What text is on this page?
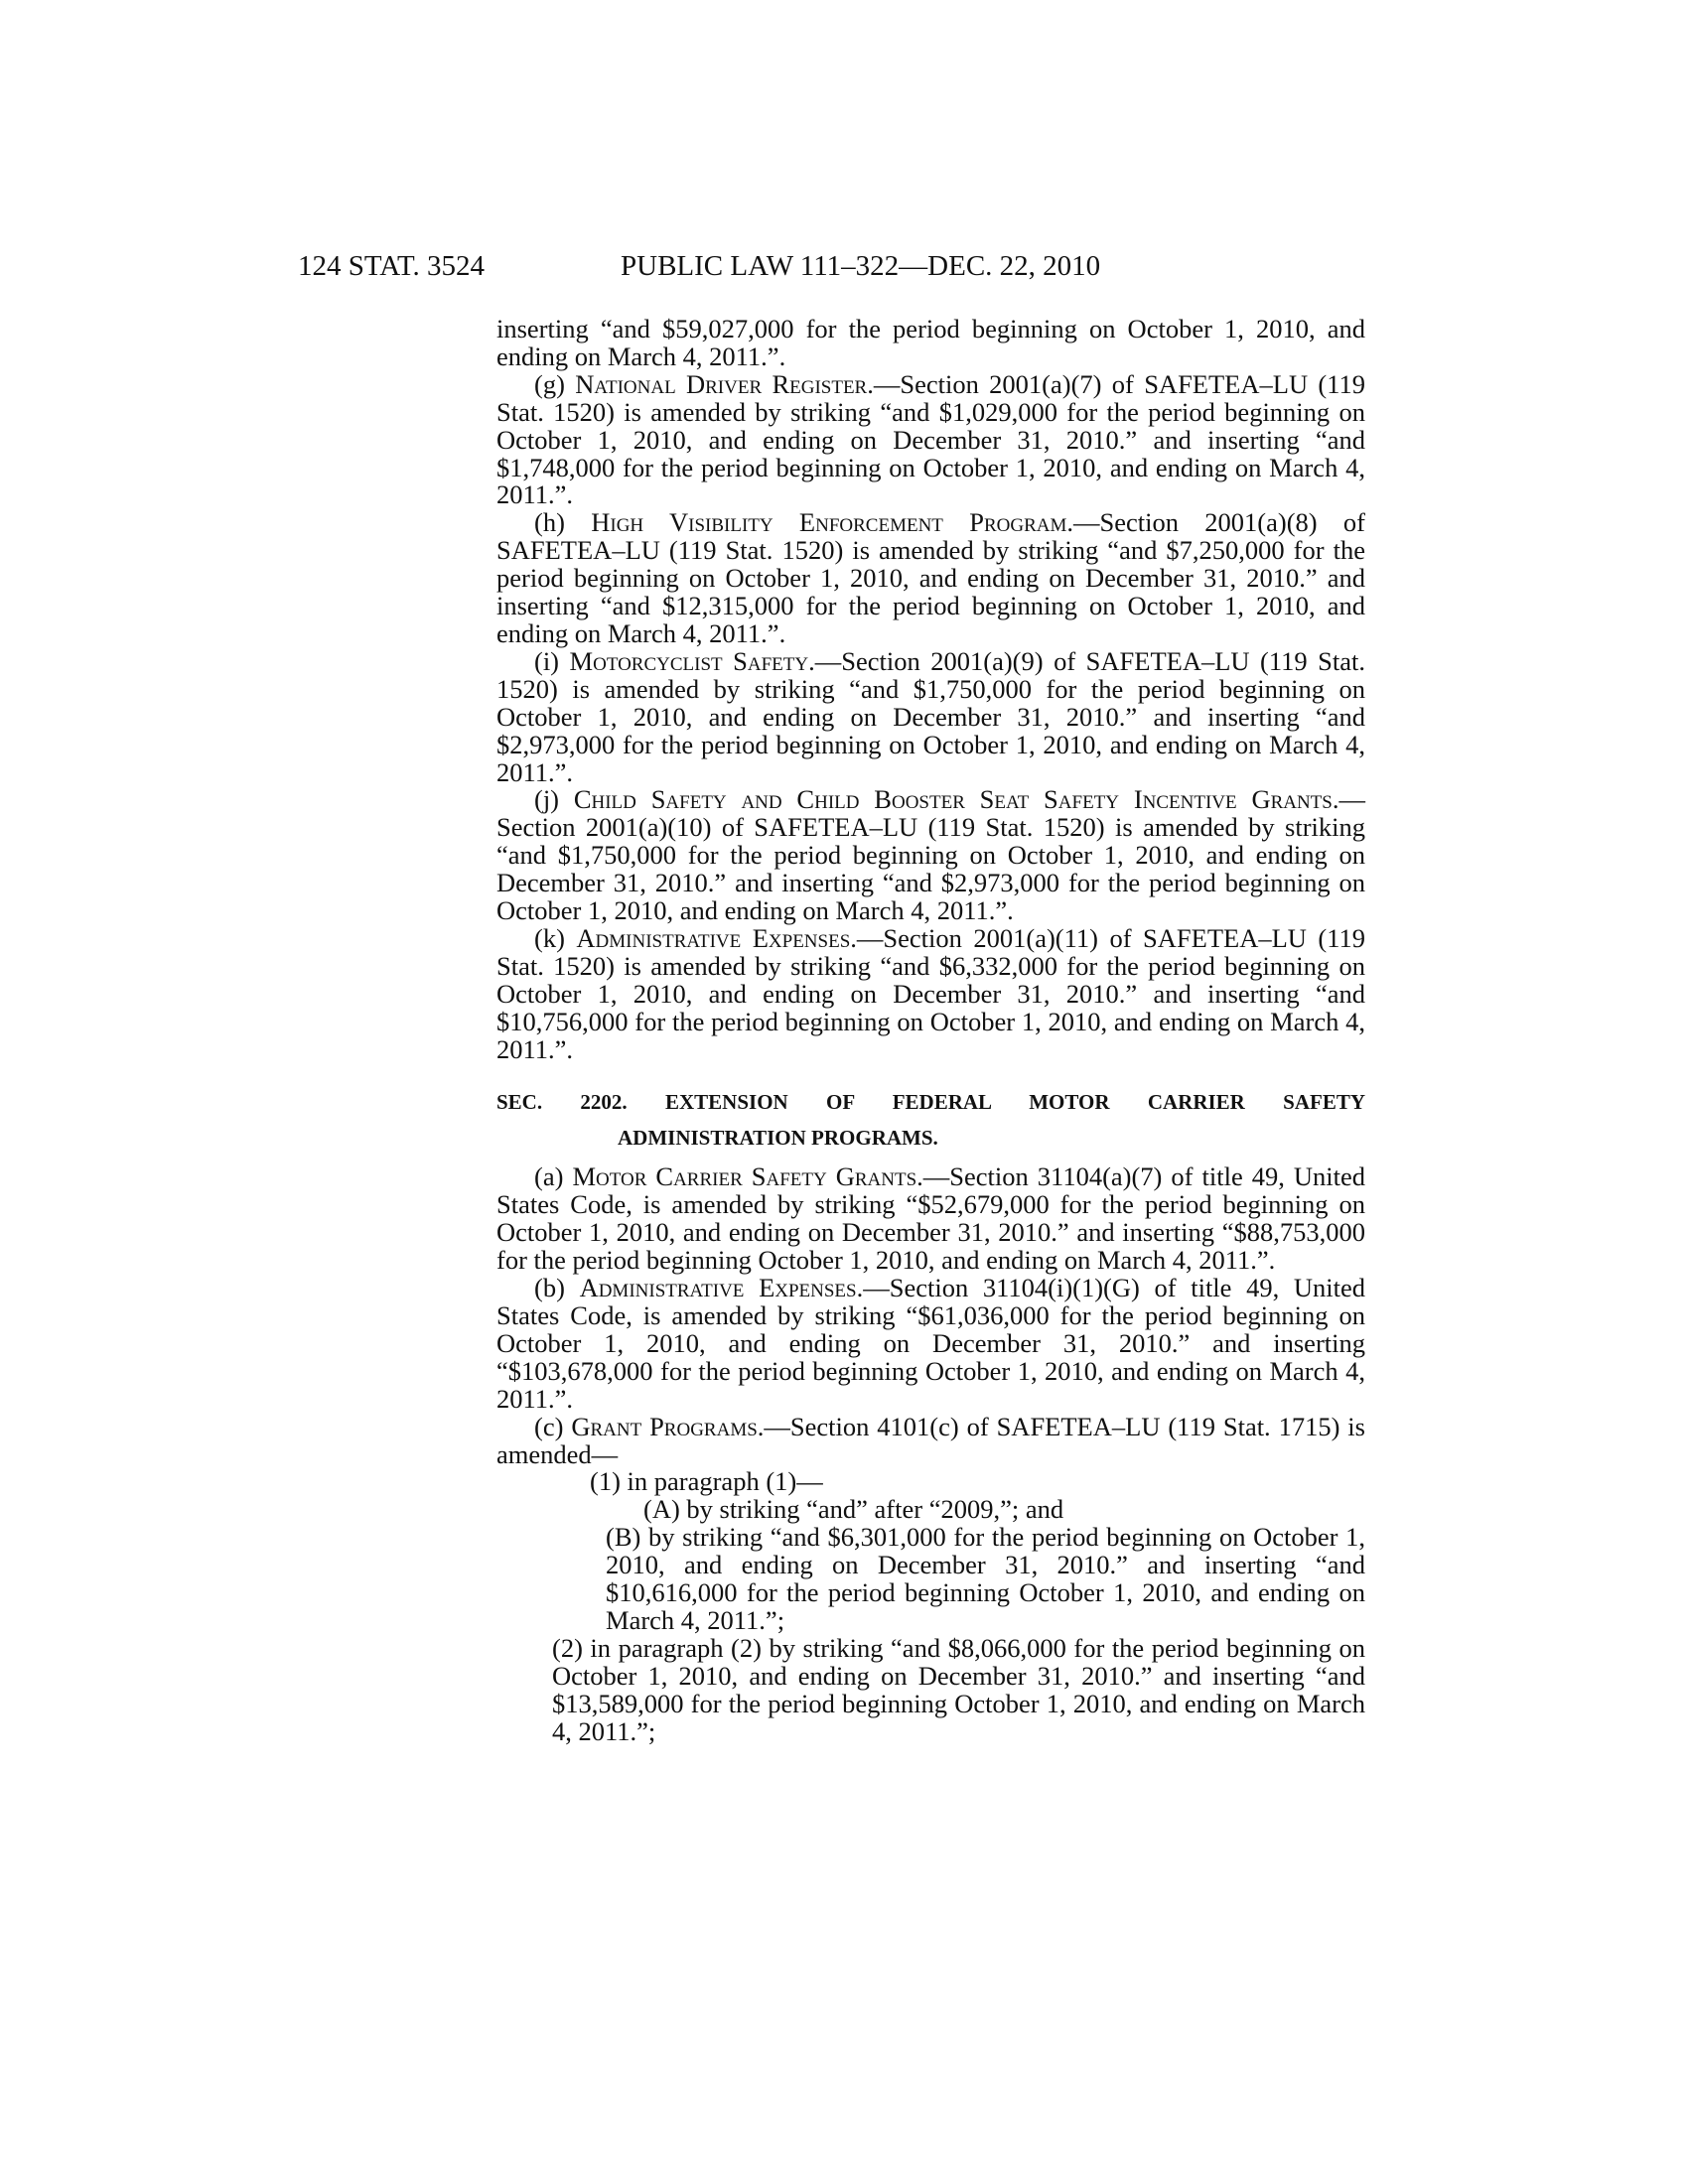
124 STAT. 3524	PUBLIC LAW 111–322—DEC. 22, 2010

inserting “and $59,027,000 for the period beginning on October 1, 2010, and ending on March 4, 2011.”.

(g) National Driver Register.—Section 2001(a)(7) of SAFETEA–LU (119 Stat. 1520) is amended by striking “and $1,029,000 for the period beginning on October 1, 2010, and ending on December 31, 2010.” and inserting “and $1,748,000 for the period beginning on October 1, 2010, and ending on March 4, 2011.”.

(h) High Visibility Enforcement Program.—Section 2001(a)(8) of SAFETEA–LU (119 Stat. 1520) is amended by striking “and $7,250,000 for the period beginning on October 1, 2010, and ending on December 31, 2010.” and inserting “and $12,315,000 for the period beginning on October 1, 2010, and ending on March 4, 2011.”.

(i) Motorcyclist Safety.—Section 2001(a)(9) of SAFETEA–LU (119 Stat. 1520) is amended by striking “and $1,750,000 for the period beginning on October 1, 2010, and ending on December 31, 2010.” and inserting “and $2,973,000 for the period beginning on October 1, 2010, and ending on March 4, 2011.”.

(j) Child Safety and Child Booster Seat Safety Incentive Grants.—Section 2001(a)(10) of SAFETEA–LU (119 Stat. 1520) is amended by striking “and $1,750,000 for the period beginning on October 1, 2010, and ending on December 31, 2010.” and inserting “and $2,973,000 for the period beginning on October 1, 2010, and ending on March 4, 2011.”.

(k) Administrative Expenses.—Section 2001(a)(11) of SAFETEA–LU (119 Stat. 1520) is amended by striking “and $6,332,000 for the period beginning on October 1, 2010, and ending on December 31, 2010.” and inserting “and $10,756,000 for the period beginning on October 1, 2010, and ending on March 4, 2011.”.

SEC. 2202. EXTENSION OF FEDERAL MOTOR CARRIER SAFETY
ADMINISTRATION PROGRAMS.

(a) Motor Carrier Safety Grants.—Section 31104(a)(7) of title 49, United States Code, is amended by striking “$52,679,000 for the period beginning on October 1, 2010, and ending on December 31, 2010.” and inserting “$88,753,000 for the period beginning October 1, 2010, and ending on March 4, 2011.”.

(b) Administrative Expenses.—Section 31104(i)(1)(G) of title 49, United States Code, is amended by striking “$61,036,000 for the period beginning on October 1, 2010, and ending on December 31, 2010.” and inserting “$103,678,000 for the period beginning October 1, 2010, and ending on March 4, 2011.”.

(c) Grant Programs.—Section 4101(c) of SAFETEA–LU (119 Stat. 1715) is amended—

(1) in paragraph (1)—

(A) by striking “and” after “2009,”; and

(B) by striking “and $6,301,000 for the period beginning on October 1, 2010, and ending on December 31, 2010.” and inserting “and $10,616,000 for the period beginning October 1, 2010, and ending on March 4, 2011.”;

(2) in paragraph (2) by striking “and $8,066,000 for the period beginning on October 1, 2010, and ending on December 31, 2010.” and inserting “and $13,589,000 for the period beginning October 1, 2010, and ending on March 4, 2011.”;
